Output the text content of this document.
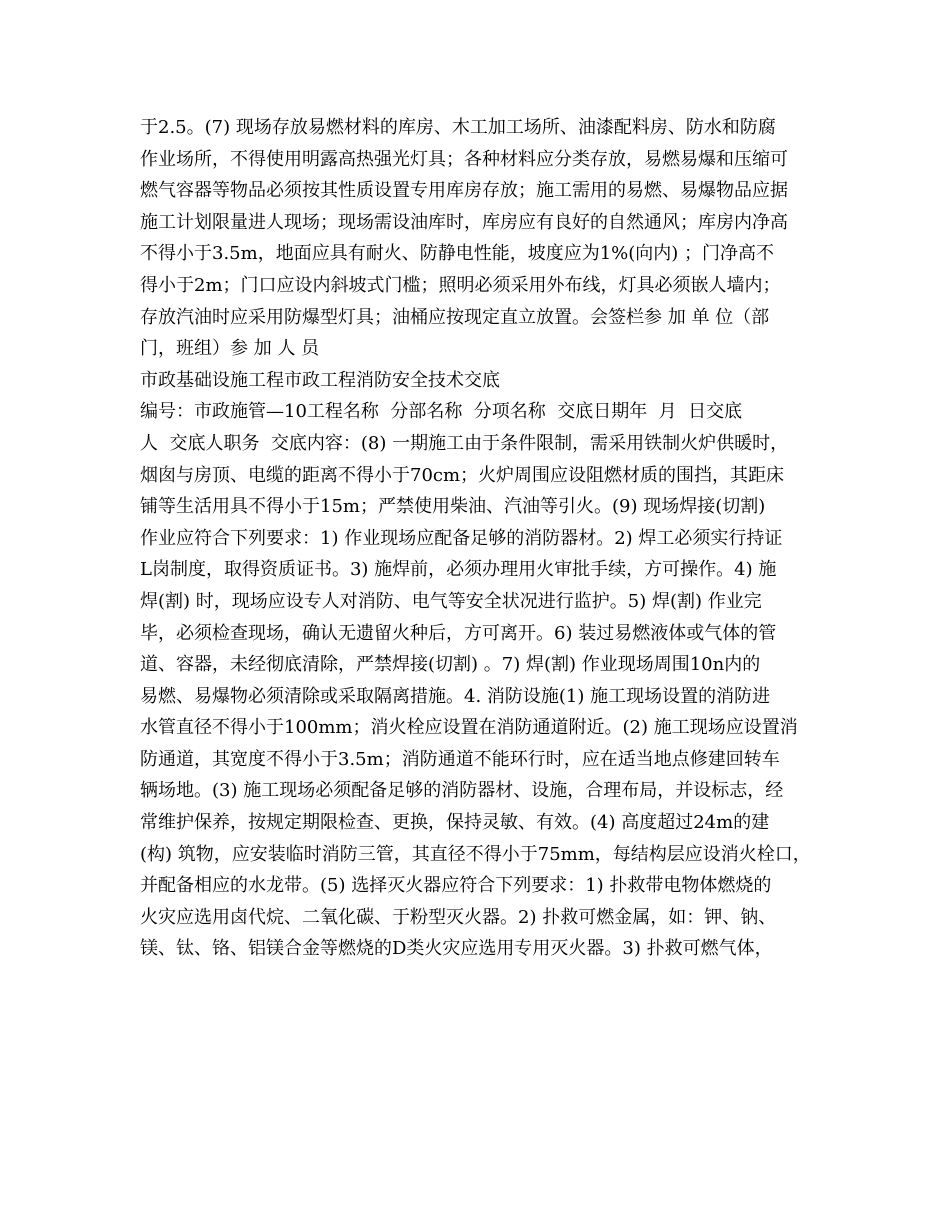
于2.5。(7) 现场存放易燃材料的库房、木工加工场所、油漆配料房、防水和防腐
作业场所，不得使用明露高热强光灯具；各种材料应分类存放，易燃易爆和压缩可
燃气容器等物品必须按其性质设置专用库房存放；施工需用的易燃、易爆物品应据
施工计划限量进人现场；现场需设油库时，库房应有良好的自然通风；库房内净高
不得小于3.5m，地面应具有耐火、防静电性能，坡度应为1%(向内) ；门净高不
得小于2m；门口应设内斜坡式门槛；照明必须采用外布线，灯具必须嵌人墙内；
存放汽油时应采用防爆型灯具；油桶应按现定直立放置。会签栏参 加 单 位（部
门，班组）参 加 人 员
市政基础设施工程市政工程消防安全技术交底
编号：市政施管—10工程名称  分部名称  分项名称  交底日期年  月  日交底
人  交底人职务  交底内容：(8) 一期施工由于条件限制，需采用铁制火炉供暖时，
烟囱与房顶、电缆的距离不得小于70cm；火炉周围应设阻燃材质的围挡，其距床
铺等生活用具不得小于15m；严禁使用柴油、汽油等引火。(9) 现场焊接(切割)
作业应符合下列要求：1) 作业现场应配备足够的消防器材。2) 焊工必须实行持证
L岗制度，取得资质证书。3) 施焊前，必须办理用火审批手续，方可操作。4) 施
焊(割) 时，现场应设专人对消防、电气等安全状况进行监护。5) 焊(割) 作业完
毕，必须检查现场，确认无遗留火种后，方可离开。6) 装过易燃液体或气体的管
道、容器，未经彻底清除，严禁焊接(切割) 。7) 焊(割) 作业现场周围10n内的
易燃、易爆物必须清除或采取隔离措施。4. 消防设施(1) 施工现场设置的消防进
水管直径不得小于100mm；消火栓应设置在消防通道附近。(2) 施工现场应设置消
防通道，其宽度不得小于3.5m；消防通道不能环行时，应在适当地点修建回转车
辆场地。(3) 施工现场必须配备足够的消防器材、设施，合理布局，并设标志，经
常维护保养，按规定期限检查、更换，保持灵敏、有效。(4) 高度超过24m的建
(构) 筑物，应安装临时消防三管，其直径不得小于75mm，每结构层应设消火栓口，
并配备相应的水龙带。(5) 选择灭火器应符合下列要求：1) 扑救带电物体燃烧的
火灾应选用卤代烷、二氧化碳、于粉型灭火器。2) 扑救可燃金属，如：钾、钠、
镁、钛、铬、铝镁合金等燃烧的D类火灾应选用专用灭火器。3) 扑救可燃气体，
